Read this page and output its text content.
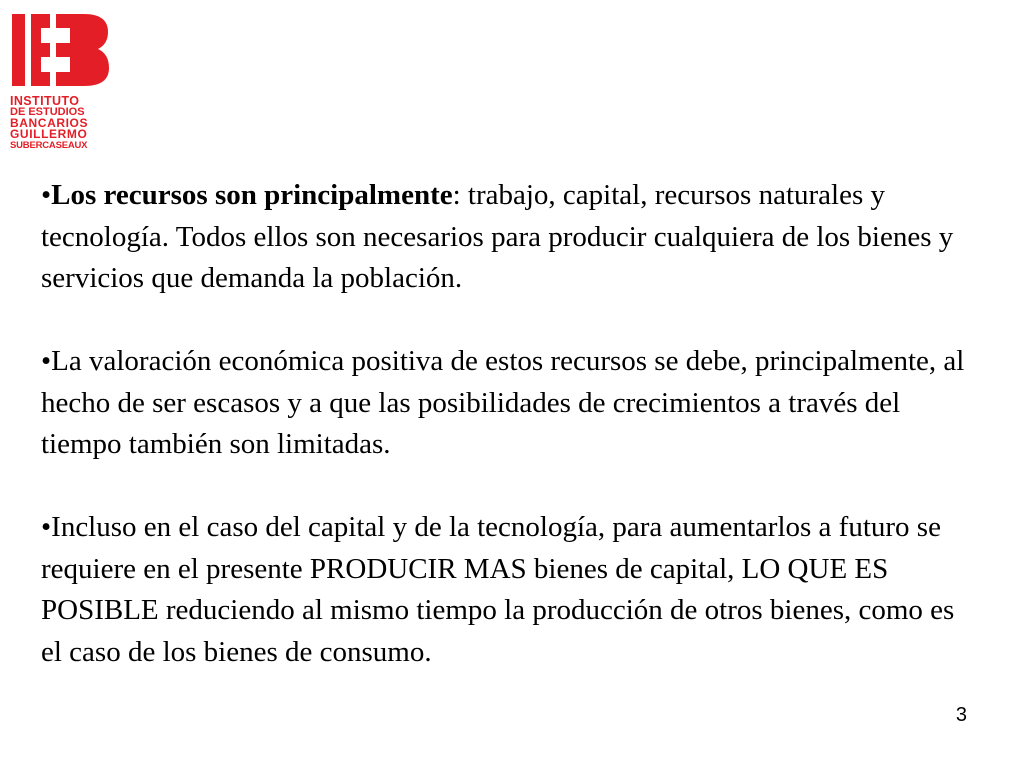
INSTITUTO
DE ESTUDIOS
BANCARIOS
GUILLERMO
SUBERCASEAUX

•Los recursos son principalmente: trabajo, capital, recursos naturales y tecnología. Todos ellos son necesarios para producir cualquiera de los bienes y servicios que demanda la población.

•La valoración económica positiva de estos recursos se debe, principalmente, al hecho de ser escasos y a que las posibilidades de crecimientos a través del tiempo también son limitadas.

•Incluso en el caso del capital y de la tecnología, para aumentarlos a futuro se requiere en el presente PRODUCIR MAS bienes de capital, LO QUE ES POSIBLE reduciendo al mismo tiempo la producción de otros bienes, como es el caso de los bienes de consumo.

3
